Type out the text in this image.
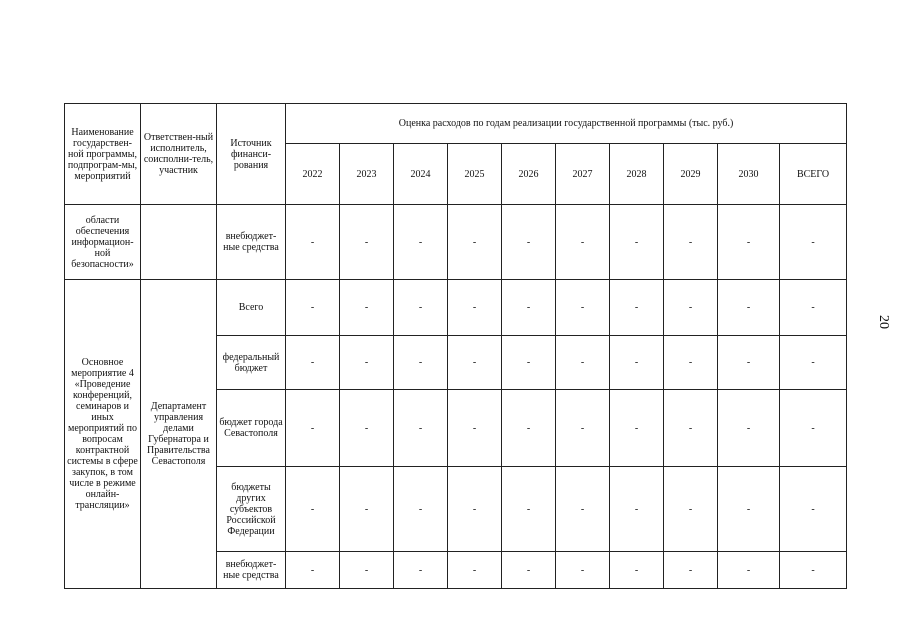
Наименование государствен-ной программы, подпрограм-мы, мероприятий	Ответствен-ный исполнитель, соисполни-тель, участник	Источник финанси-рования	Оценка расходов по годам реализации государственной программы (тыс. руб.)									
			2022	2023	2024	2025	2026	2027	2028	2029	2030	ВСЕГО
области обеспечения информацион-ной безопасности»		внебюджет-ные средства	-	-	-	-	-	-	-	-	-	-
Основное мероприятие 4 «Проведение конференций, семинаров и иных мероприятий по вопросам контрактной системы в сфере закупок, в том числе в режиме онлайн-трансляции»	Департамент управления делами Губернатора и Правительства Севастополя	Всего	-	-	-	-	-	-	-	-	-	-
		федеральный бюджет	-	-	-	-	-	-	-	-	-	-
		бюджет города Севастополя	-	-	-	-	-	-	-	-	-	-
		бюджеты других субъектов Российской Федерации	-	-	-	-	-	-	-	-	-	-
		внебюджет-ные средства	-	-	-	-	-	-	-	-	-	-
20
